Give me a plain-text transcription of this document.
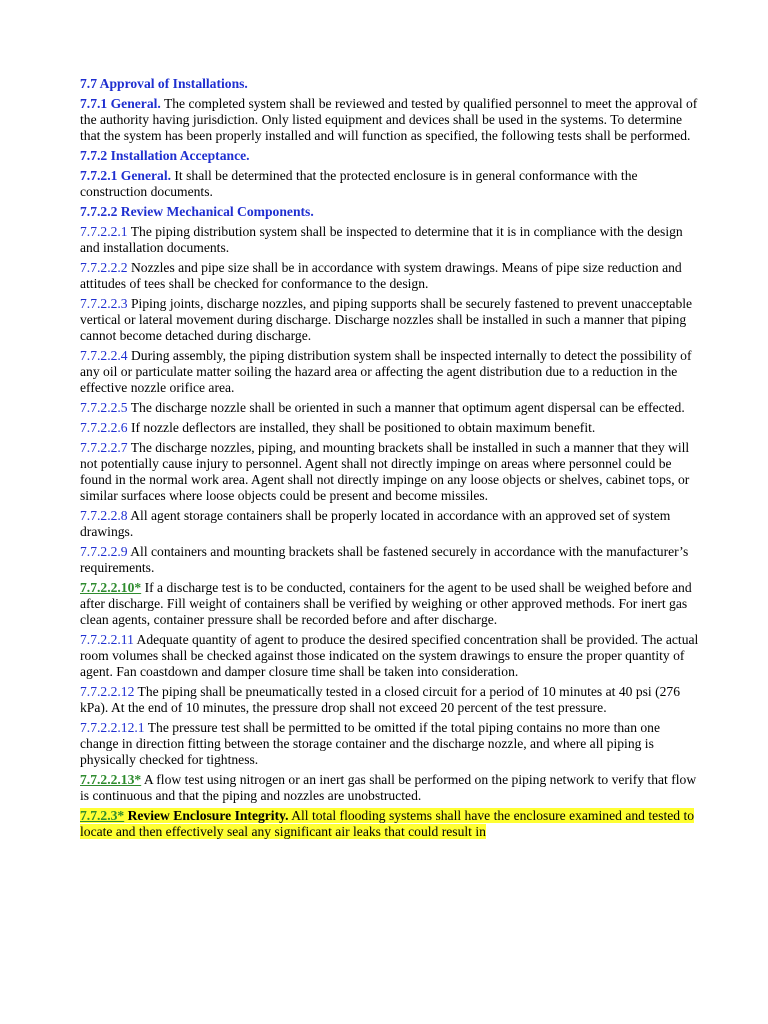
7.7 Approval of Installations.

7.7.1 General. The completed system shall be reviewed and tested by qualified personnel to meet the approval of the authority having jurisdiction. Only listed equipment and devices shall be used in the systems. To determine that the system has been properly installed and will function as specified, the following tests shall be performed.

7.7.2 Installation Acceptance.

7.7.2.1 General. It shall be determined that the protected enclosure is in general conformance with the construction documents.

7.7.2.2 Review Mechanical Components.

7.7.2.2.1 The piping distribution system shall be inspected to determine that it is in compliance with the design and installation documents.

7.7.2.2.2 Nozzles and pipe size shall be in accordance with system drawings. Means of pipe size reduction and attitudes of tees shall be checked for conformance to the design.

7.7.2.2.3 Piping joints, discharge nozzles, and piping supports shall be securely fastened to prevent unacceptable vertical or lateral movement during discharge. Discharge nozzles shall be installed in such a manner that piping cannot become detached during discharge.

7.7.2.2.4 During assembly, the piping distribution system shall be inspected internally to detect the possibility of any oil or particulate matter soiling the hazard area or affecting the agent distribution due to a reduction in the effective nozzle orifice area.

7.7.2.2.5 The discharge nozzle shall be oriented in such a manner that optimum agent dispersal can be effected.

7.7.2.2.6 If nozzle deflectors are installed, they shall be positioned to obtain maximum benefit.

7.7.2.2.7 The discharge nozzles, piping, and mounting brackets shall be installed in such a manner that they will not potentially cause injury to personnel. Agent shall not directly impinge on areas where personnel could be found in the normal work area. Agent shall not directly impinge on any loose objects or shelves, cabinet tops, or similar surfaces where loose objects could be present and become missiles.

7.7.2.2.8 All agent storage containers shall be properly located in accordance with an approved set of system drawings.

7.7.2.2.9 All containers and mounting brackets shall be fastened securely in accordance with the manufacturer’s requirements.

7.7.2.2.10* If a discharge test is to be conducted, containers for the agent to be used shall be weighed before and after discharge. Fill weight of containers shall be verified by weighing or other approved methods. For inert gas clean agents, container pressure shall be recorded before and after discharge.

7.7.2.2.11 Adequate quantity of agent to produce the desired specified concentration shall be provided. The actual room volumes shall be checked against those indicated on the system drawings to ensure the proper quantity of agent. Fan coastdown and damper closure time shall be taken into consideration.

7.7.2.2.12 The piping shall be pneumatically tested in a closed circuit for a period of 10 minutes at 40 psi (276 kPa). At the end of 10 minutes, the pressure drop shall not exceed 20 percent of the test pressure.

7.7.2.2.12.1 The pressure test shall be permitted to be omitted if the total piping contains no more than one change in direction fitting between the storage container and the discharge nozzle, and where all piping is physically checked for tightness.

7.7.2.2.13* A flow test using nitrogen or an inert gas shall be performed on the piping network to verify that flow is continuous and that the piping and nozzles are unobstructed.

7.7.2.3* Review Enclosure Integrity. All total flooding systems shall have the enclosure examined and tested to locate and then effectively seal any significant air leaks that could result in
